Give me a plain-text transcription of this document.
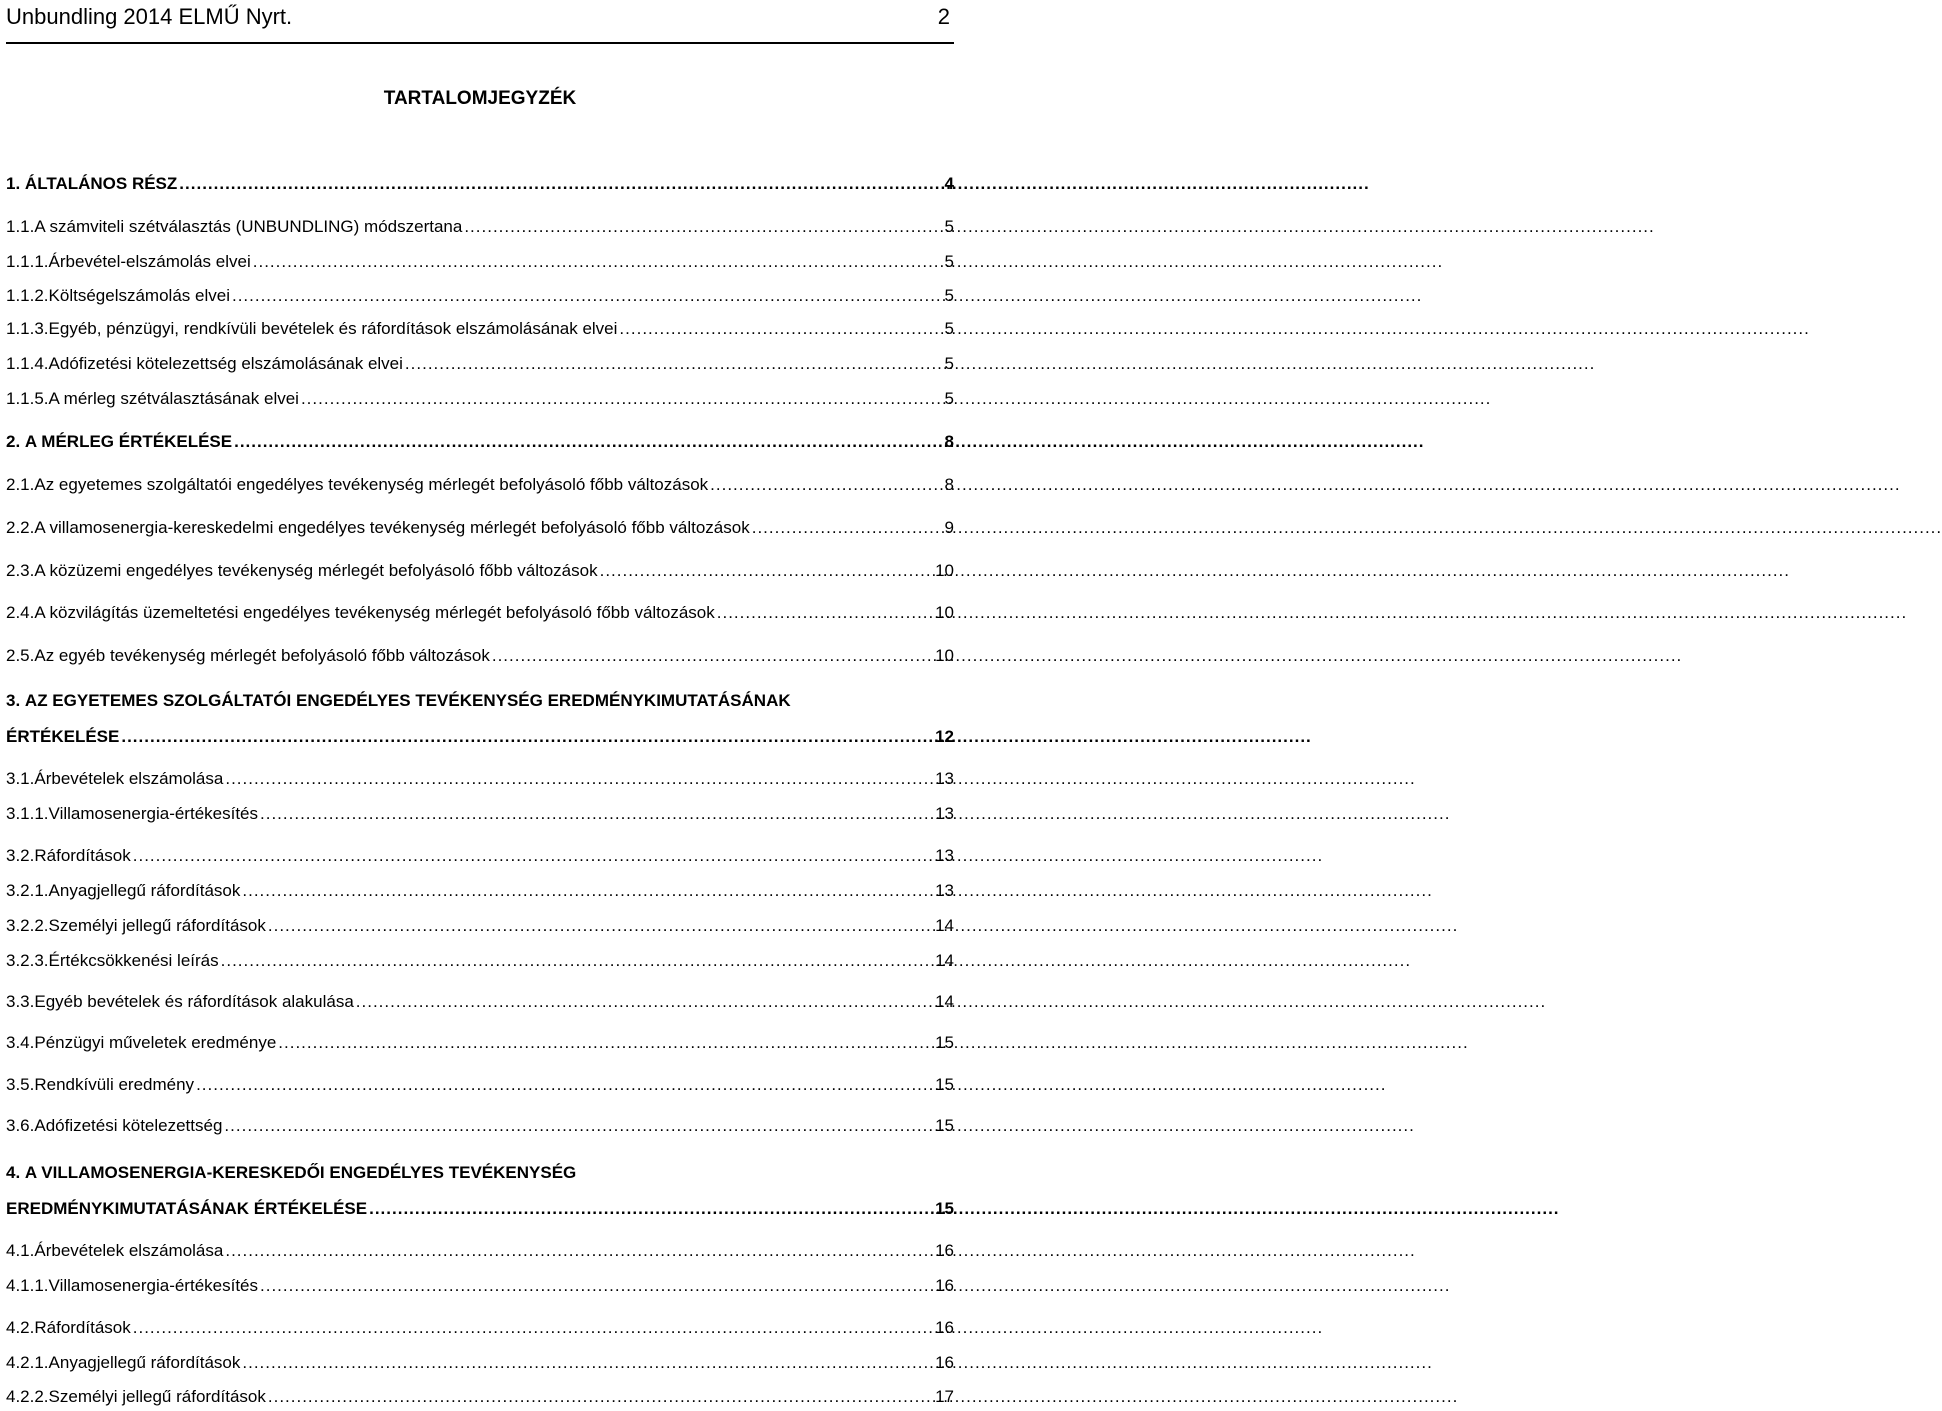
Unbundling 2014 ELMŰ Nyrt.	2
TARTALOMJEGYZÉK
1.
ÁLTALÁNOS RÉSZ .....	4
1.1. A számviteli szétválasztás (UNBUNDLING) módszertana .....	5
1.1.1. Árbevétel-elszámolás elvei .....	5
1.1.2. Költségelszámolás elvei .....	5
1.1.3. Egyéb, pénzügyi, rendkívüli bevételek és ráfordítások elszámolásának elvei .....	5
1.1.4. Adófizetési kötelezettség elszámolásának elvei .....	5
1.1.5. A mérleg szétválasztásának elvei .....	5
2.
A MÉRLEG ÉRTÉKELÉSE .....	8
2.1. Az egyetemes szolgáltatói engedélyes tevékenység mérlegét befolyásoló főbb változások .....	8
2.2. A villamosenergia-kereskedelmi engedélyes tevékenység mérlegét befolyásoló főbb változások .....	9
2.3. A közüzemi engedélyes tevékenység mérlegét befolyásoló főbb változások .....	10
2.4. A közvilágítás üzemeltetési engedélyes tevékenység mérlegét befolyásoló főbb változások .....	10
2.5. Az egyéb tevékenység mérlegét befolyásoló főbb változások .....	10
3.
AZ EGYETEMES SZOLGÁLTATÓI ENGEDÉLYES TEVÉKENYSÉG EREDMÉNYKIMUTATÁSÁNAK
ÉRTÉKELÉSE .....	12
3.1. Árbevételek elszámolása .....	13
3.1.1. Villamosenergia-értékesítés .....	13
3.2. Ráfordítások .....	13
3.2.1. Anyagjellegű ráfordítások .....	13
3.2.2. Személyi jellegű ráfordítások .....	14
3.2.3. Értékcsökkenési leírás .....	14
3.3. Egyéb bevételek és ráfordítások alakulása .....	14
3.4. Pénzügyi műveletek eredménye .....	15
3.5. Rendkívüli eredmény .....	15
3.6. Adófizetési kötelezettség .....	15
4.
A VILLAMOSENERGIA-KERESKEDŐI ENGEDÉLYES TEVÉKENYSÉG
EREDMÉNYKIMUTATÁSÁNAK ÉRTÉKELÉSE .....	15
4.1. Árbevételek elszámolása .....	16
4.1.1. Villamosenergia-értékesítés .....	16
4.2. Ráfordítások .....	16
4.2.1. Anyagjellegű ráfordítások .....	16
4.2.2. Személyi jellegű ráfordítások .....	17
